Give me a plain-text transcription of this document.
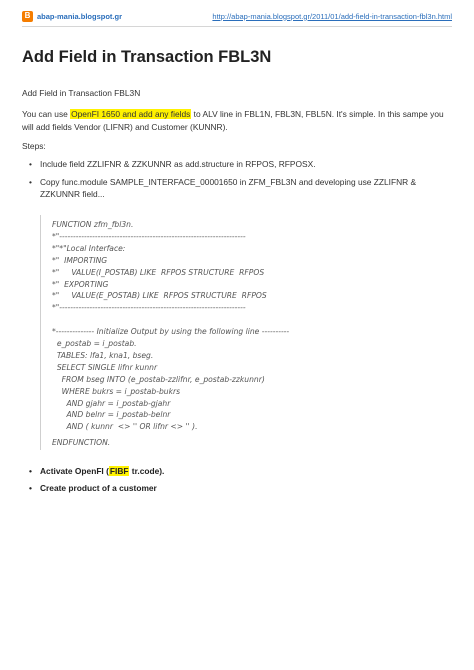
B abap-mania.blogspot.gr	http://abap-mania.blogspot.gr/2011/01/add-field-in-transaction-fbl3n.html
Add Field in Transaction FBL3N
Add Field in Transaction FBL3N
You can use OpenFI 1650 and add any fields to ALV line in FBL1N, FBL3N, FBL5N. It's simple. In this sampe you will add fields Vendor (LIFNR) and Customer (KUNNR).
Steps:
• Include field ZZLIFNR & ZZKUNNR as add.structure in RFPOS, RFPOSX.
• Copy func.module SAMPLE_INTERFACE_00001650 in ZFM_FBL3N and developing use ZZLIFNR & ZZKUNNR field...
FUNCTION zfm_fbl3n.
*"--------------------------------------------------------------------
*"*"Local Interface:
*"  IMPORTING
*"     VALUE(I_POSTAB) LIKE  RFPOS STRUCTURE  RFPOS
*"  EXPORTING
*"     VALUE(E_POSTAB) LIKE  RFPOS STRUCTURE  RFPOS
*"--------------------------------------------------------------------
*-------------- Initialize Output by using the following line ----------
e_postab = i_postab.
TABLES: lfa1, kna1, bseg.
SELECT SINGLE lifnr kunnr
FROM bseg INTO (e_postab-zzlifnr, e_postab-zzkunnr)
WHERE bukrs = i_postab-bukrs
AND gjahr = i_postab-gjahr
AND belnr = i_postab-belnr
AND ( kunnr  <> '' OR lifnr <> '' ).
ENDFUNCTION.
• Activate OpenFI (FIBF tr.code).
• Create product of a customer
